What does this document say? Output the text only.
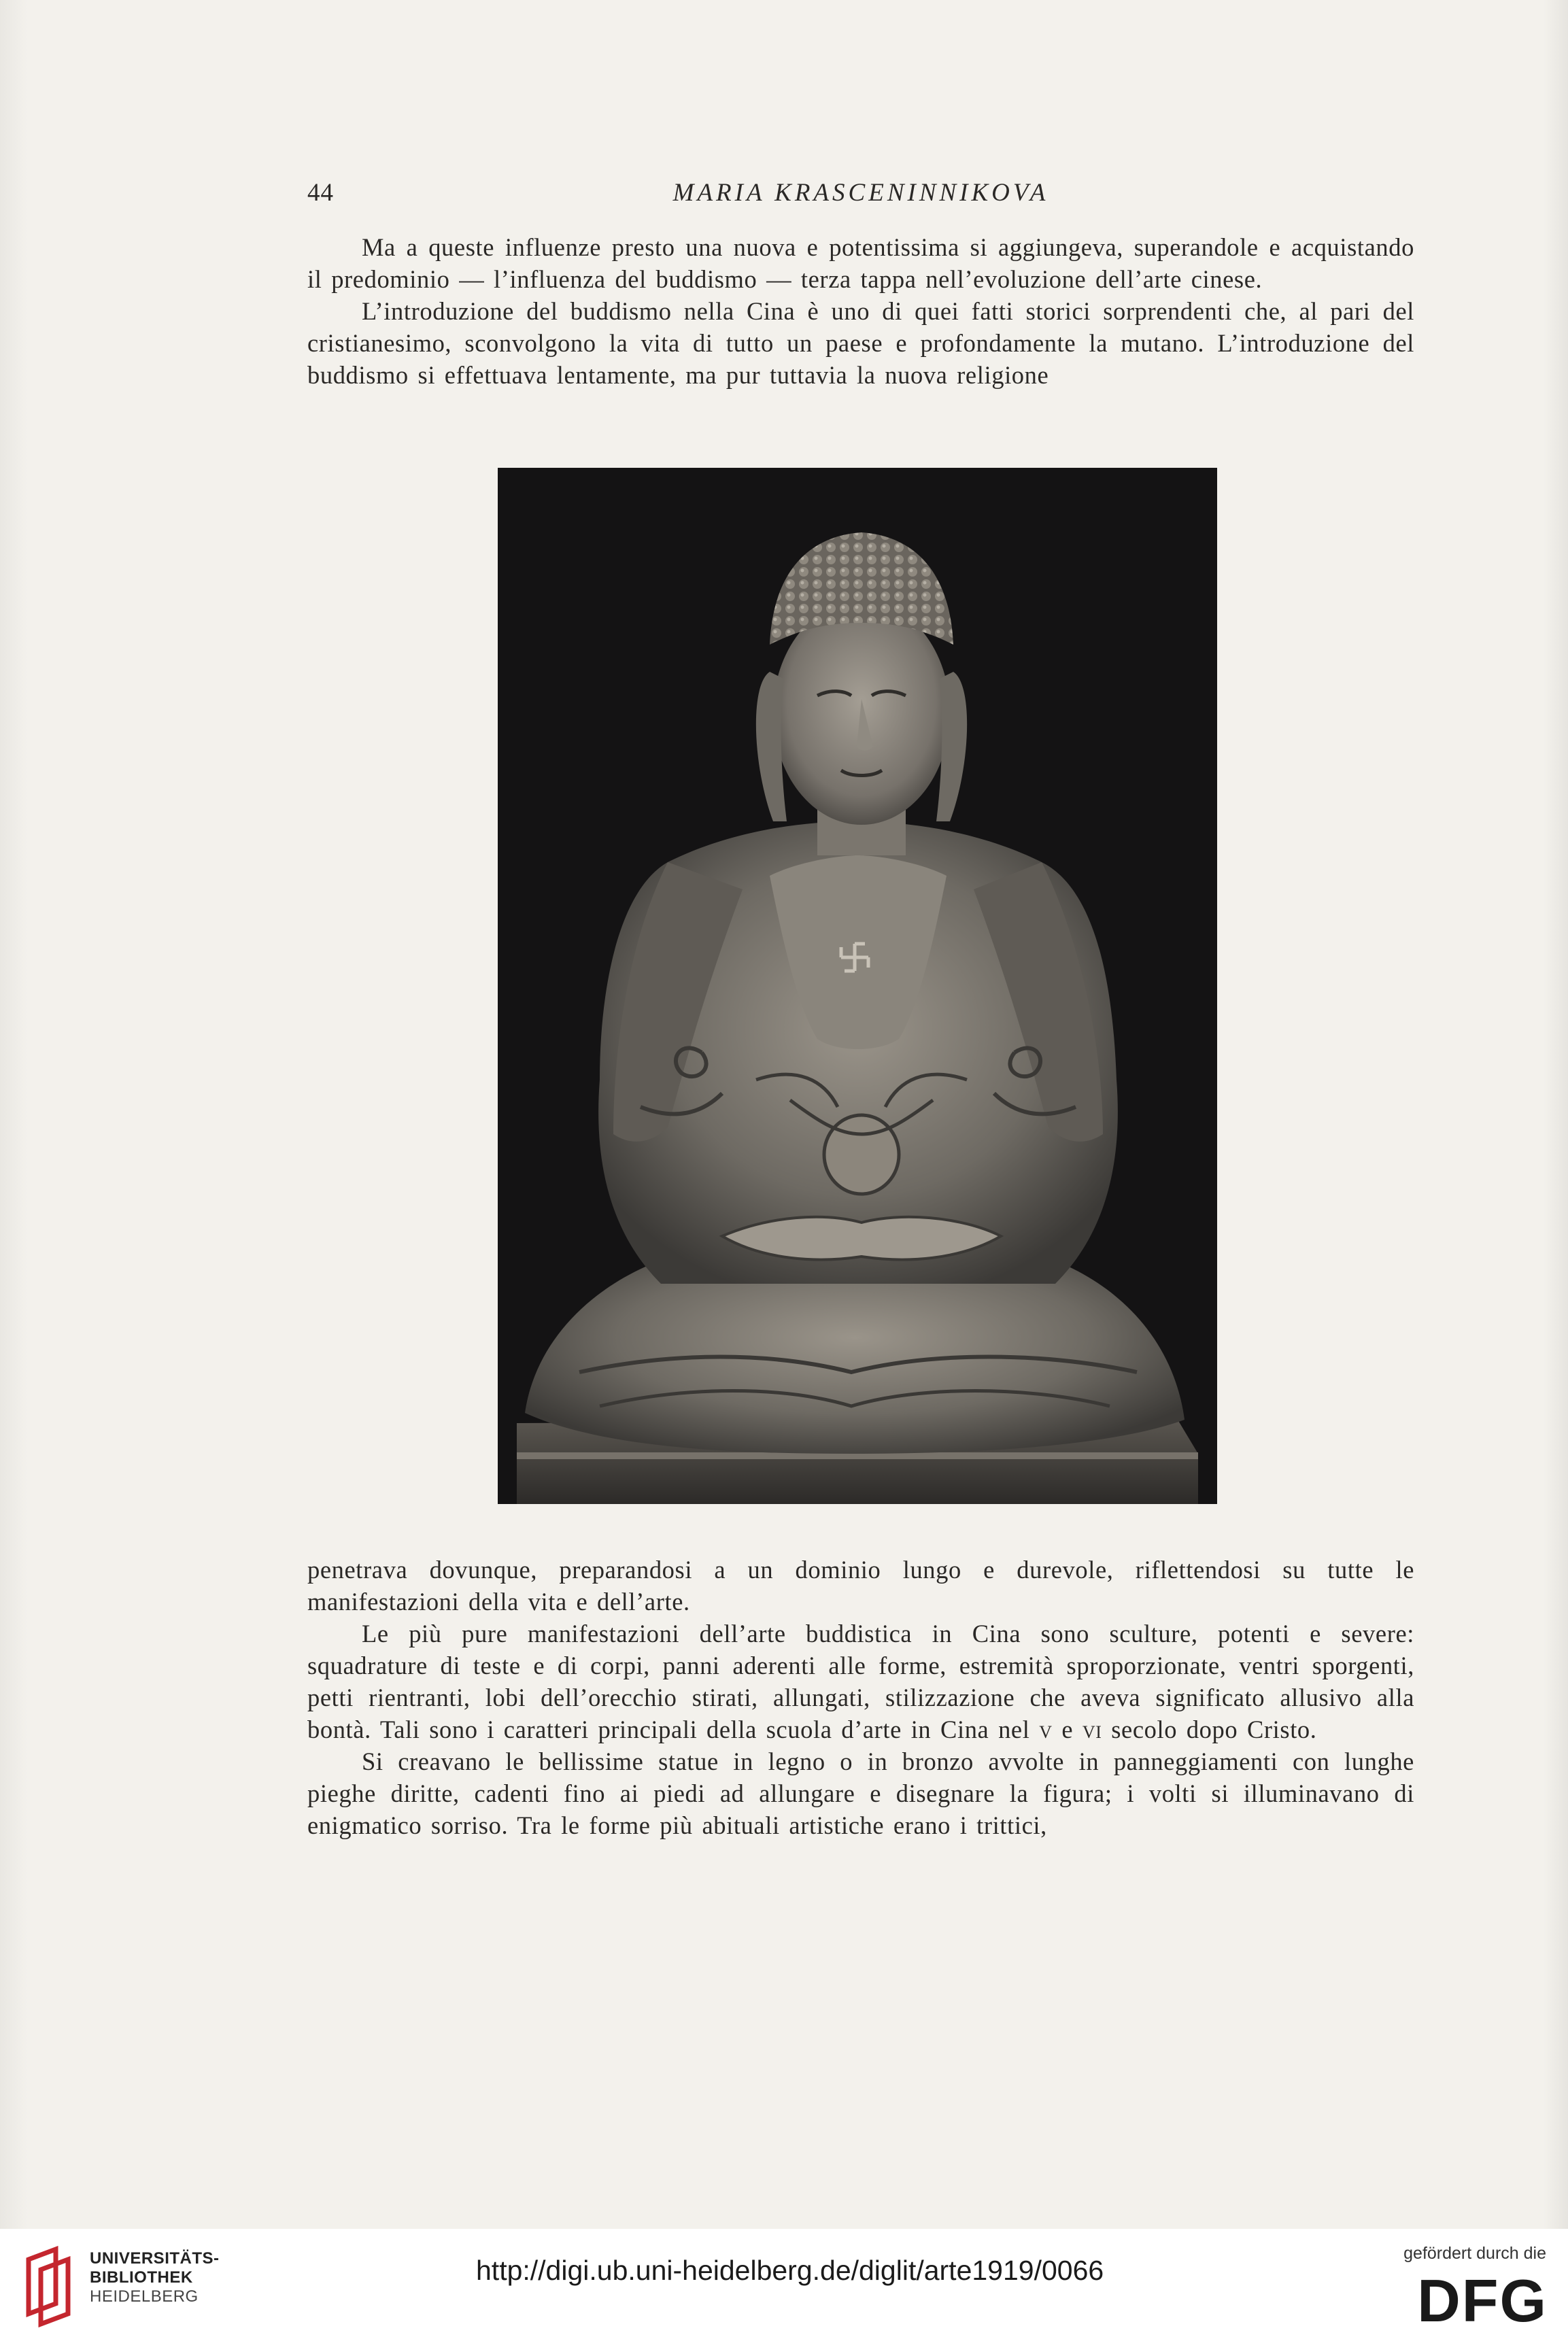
44	MARIA KRASCENINNIKOVA

Ma a queste influenze presto una nuova e potentissima si aggiungeva, superandole e acquistando il predominio — l’influenza del buddismo — terza tappa nell’evoluzione dell’arte cinese.

L’introduzione del buddismo nella Cina è uno di quei fatti storici sorprendenti che, al pari del cristianesimo, sconvolgono la vita di tutto un paese e profondamente la mutano. L’introduzione del buddismo si effettuava lentamente, ma pur tuttavia la nuova religione

penetrava dovunque, preparandosi a un dominio lungo e durevole, riflettendosi su tutte le manifestazioni della vita e dell’arte.

Le più pure manifestazioni dell’arte buddistica in Cina sono sculture, potenti e severe: squadrature di teste e di corpi, panni aderenti alle forme, estremità sproporzionate, ventri sporgenti, petti rientranti, lobi dell’orecchio stirati, allungati, stilizzazione che aveva significato allusivo alla bontà. Tali sono i caratteri principali della scuola d’arte in Cina nel v e vi secolo dopo Cristo.

Si creavano le bellissime statue in legno o in bronzo avvolte in panneggiamenti con lunghe pieghe diritte, cadenti fino ai piedi ad allungare e disegnare la figura; i volti si illuminavano di enigmatico sorriso. Tra le forme più abituali artistiche erano i trittici,

UNIVERSITÄTS-
BIBLIOTHEK
HEIDELBERG
http://digi.ub.uni-heidelberg.de/diglit/arte1919/0066
gefördert durch die
DFG
